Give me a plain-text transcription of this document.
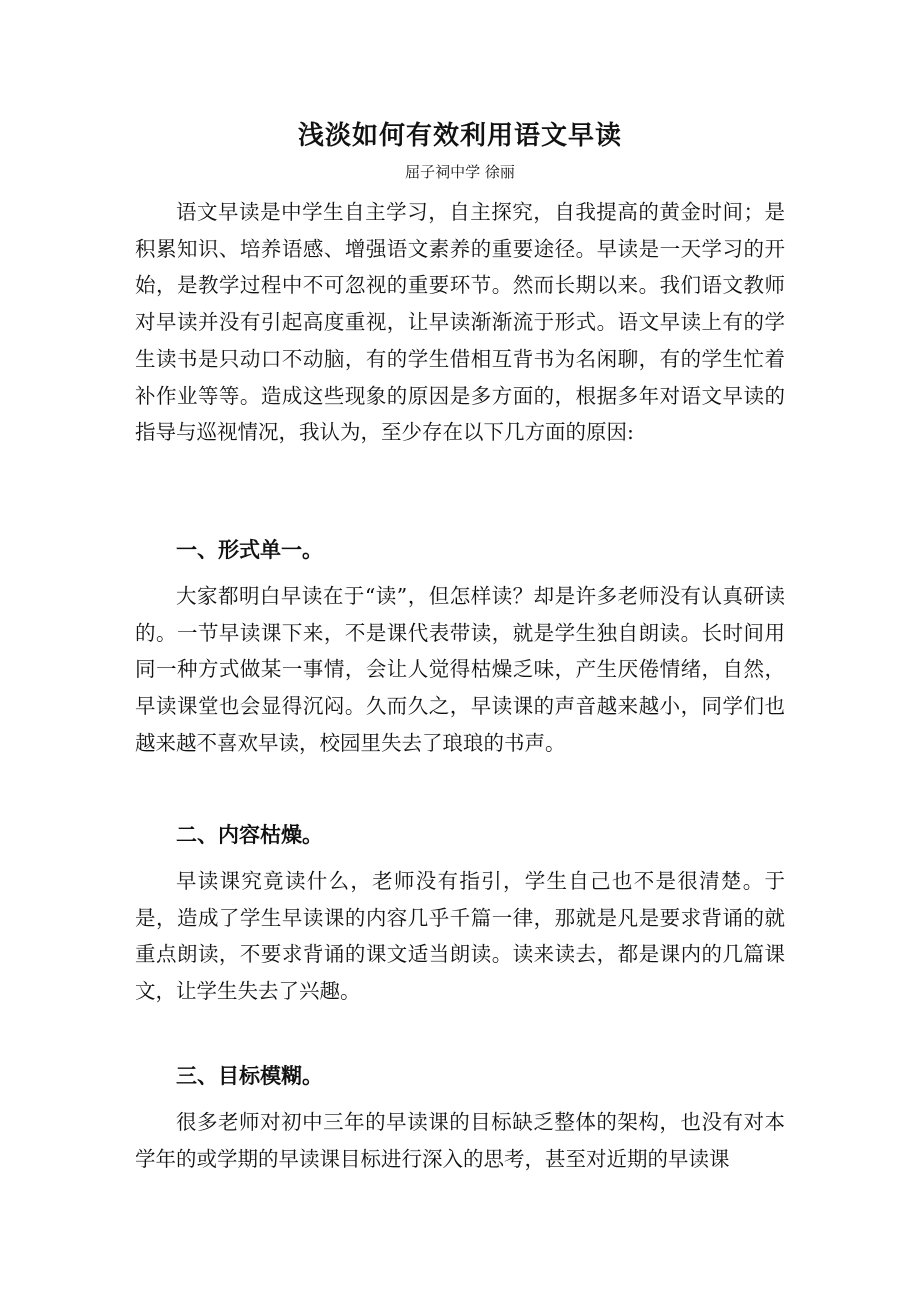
浅淡如何有效利用语文早读
屈子祠中学 徐丽

语文早读是中学生自主学习，自主探究，自我提高的黄金时间；是积累知识、培养语感、增强语文素养的重要途径。早读是一天学习的开始，是教学过程中不可忽视的重要环节。然而长期以来。我们语文教师对早读并没有引起高度重视，让早读渐渐流于形式。语文早读上有的学生读书是只动口不动脑，有的学生借相互背书为名闲聊，有的学生忙着补作业等等。造成这些现象的原因是多方面的，根据多年对语文早读的指导与巡视情况，我认为，至少存在以下几方面的原因:

一、形式单一。

大家都明白早读在于“读”，但怎样读？却是许多老师没有认真研读的。一节早读课下来，不是课代表带读，就是学生独自朗读。长时间用同一种方式做某一事情，会让人觉得枯燥乏味，产生厌倦情绪，自然，早读课堂也会显得沉闷。久而久之，早读课的声音越来越小，同学们也越来越不喜欢早读，校园里失去了琅琅的书声。

二、内容枯燥。

早读课究竟读什么，老师没有指引，学生自己也不是很清楚。于是，造成了学生早读课的内容几乎千篇一律，那就是凡是要求背诵的就重点朗读，不要求背诵的课文适当朗读。读来读去，都是课内的几篇课文，让学生失去了兴趣。

三、目标模糊。

很多老师对初中三年的早读课的目标缺乏整体的架构，也没有对本学年的或学期的早读课目标进行深入的思考，甚至对近期的早读课
